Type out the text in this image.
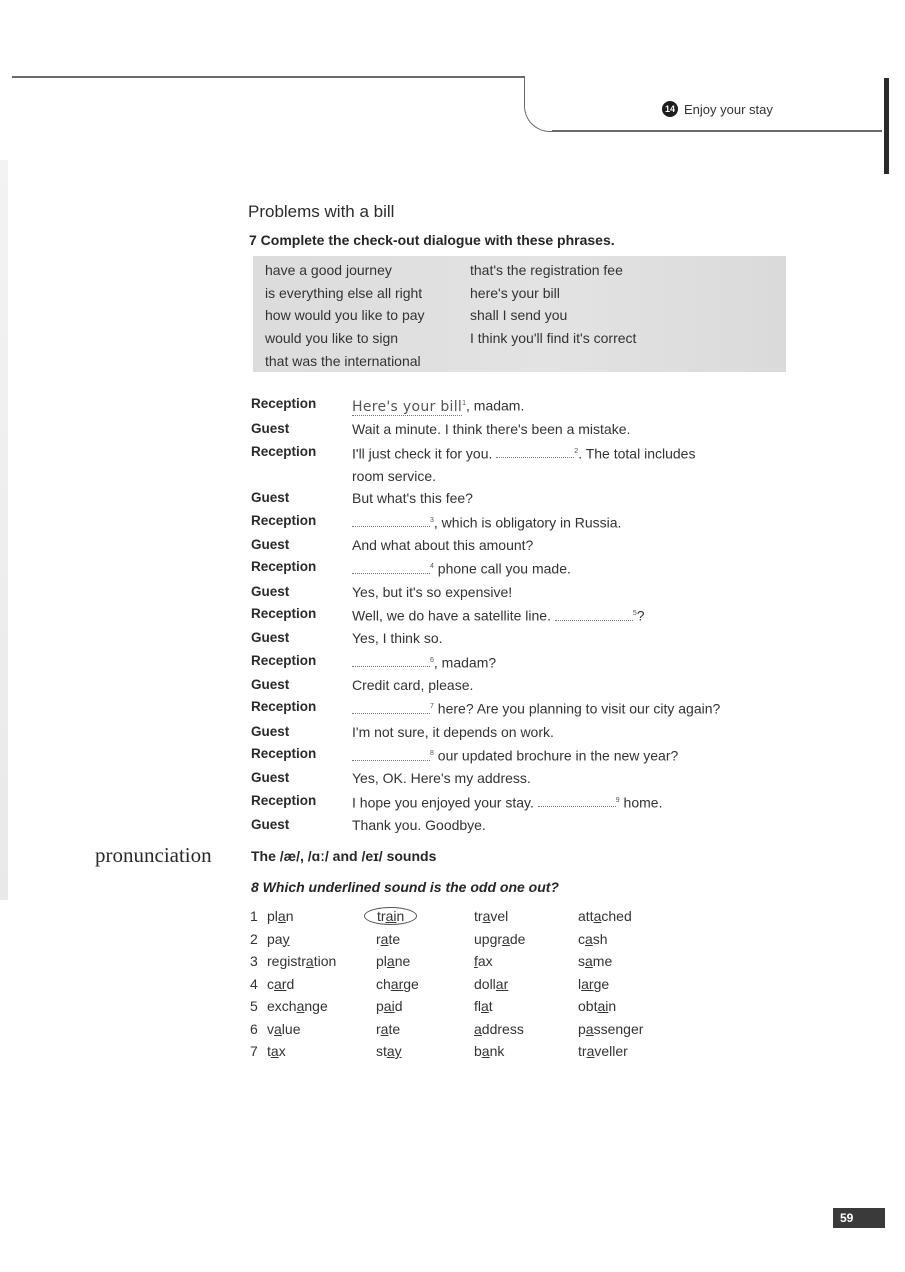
14 Enjoy your stay
Problems with a bill
7 Complete the check-out dialogue with these phrases.
have a good journey
is everything else all right
how would you like to pay
would you like to sign
that was the international
that's the registration fee
here's your bill
shall I send you
I think you'll find it's correct
Reception	Here's your bill$^1$, madam.
Guest	Wait a minute. I think there's been a mistake.
Reception	I'll just check it for you.	$^2$. The total includes
room service.
Guest	But what's this fee?
Reception	$^3$, which is obligatory in Russia.
Guest	And what about this amount?
Reception	$^4$ phone call you made.
Guest	Yes, but it's so expensive!
Reception	Well, we do have a satellite line.	$^5$?
Guest	Yes, I think so.
Reception	$^6$, madam?
Guest	Credit card, please.
Reception	$^7$ here? Are you planning to visit our city again?
Guest	I'm not sure, it depends on work.
Reception	$^8$ our updated brochure in the new year?
Guest	Yes, OK. Here's my address.
Reception	I hope you enjoyed your stay.	$^9$ home.
Guest	Thank you. Goodbye.
pronunciation	The /æ/, /ɑː/ and /eɪ/ sounds
8 Which underlined sound is the odd one out?
1 plan	train	travel	attached
2 pay	rate	upgrade	cash
3 registration	plane	fax	same
4 card	charge	dollar	large
5 exchange	paid	flat	obtain
6 value	rate	address	passenger
7 tax	stay	bank	traveller
59
